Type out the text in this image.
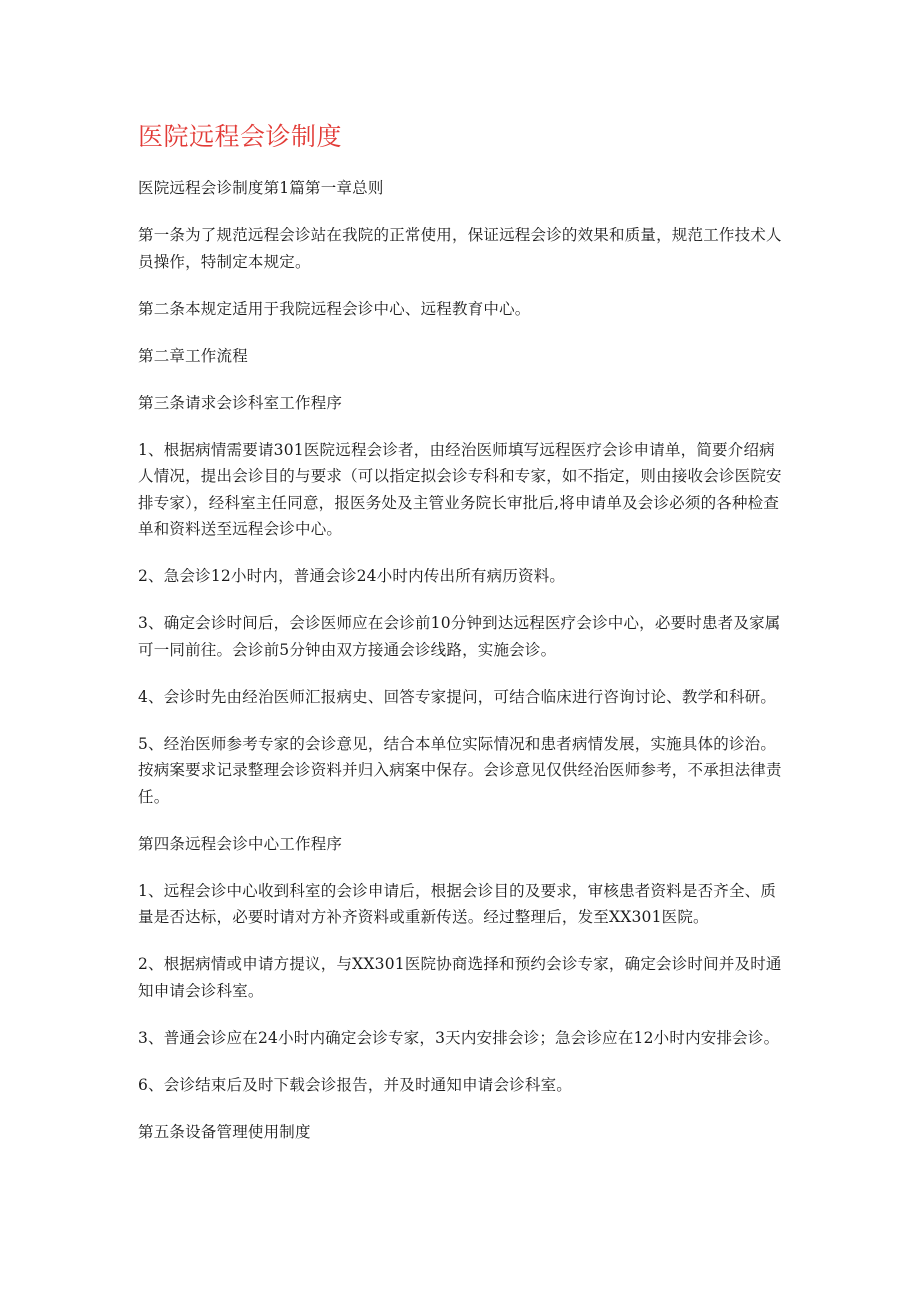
医院远程会诊制度

医院远程会诊制度第1篇第一章总则

第一条为了规范远程会诊站在我院的正常使用，保证远程会诊的效果和质量，规范工作技术人员操作，特制定本规定。

第二条本规定适用于我院远程会诊中心、远程教育中心。

第二章工作流程

第三条请求会诊科室工作程序

1、根据病情需要请301医院远程会诊者，由经治医师填写远程医疗会诊申请单，简要介绍病人情况，提出会诊目的与要求（可以指定拟会诊专科和专家，如不指定，则由接收会诊医院安排专家），经科室主任同意，报医务处及主管业务院长审批后,将申请单及会诊必须的各种检查单和资料送至远程会诊中心。

2、急会诊12小时内，普通会诊24小时内传出所有病历资料。

3、确定会诊时间后，会诊医师应在会诊前10分钟到达远程医疗会诊中心，必要时患者及家属可一同前往。会诊前5分钟由双方接通会诊线路，实施会诊。

4、会诊时先由经治医师汇报病史、回答专家提问，可结合临床进行咨询讨论、教学和科研。

5、经治医师参考专家的会诊意见，结合本单位实际情况和患者病情发展，实施具体的诊治。按病案要求记录整理会诊资料并归入病案中保存。会诊意见仅供经治医师参考，不承担法律责任。

第四条远程会诊中心工作程序

1、远程会诊中心收到科室的会诊申请后，根据会诊目的及要求，审核患者资料是否齐全、质量是否达标，必要时请对方补齐资料或重新传送。经过整理后，发至XX301医院。

2、根据病情或申请方提议，与XX301医院协商选择和预约会诊专家，确定会诊时间并及时通知申请会诊科室。

3、普通会诊应在24小时内确定会诊专家，3天内安排会诊；急会诊应在12小时内安排会诊。

6、会诊结束后及时下载会诊报告，并及时通知申请会诊科室。

第五条设备管理使用制度
